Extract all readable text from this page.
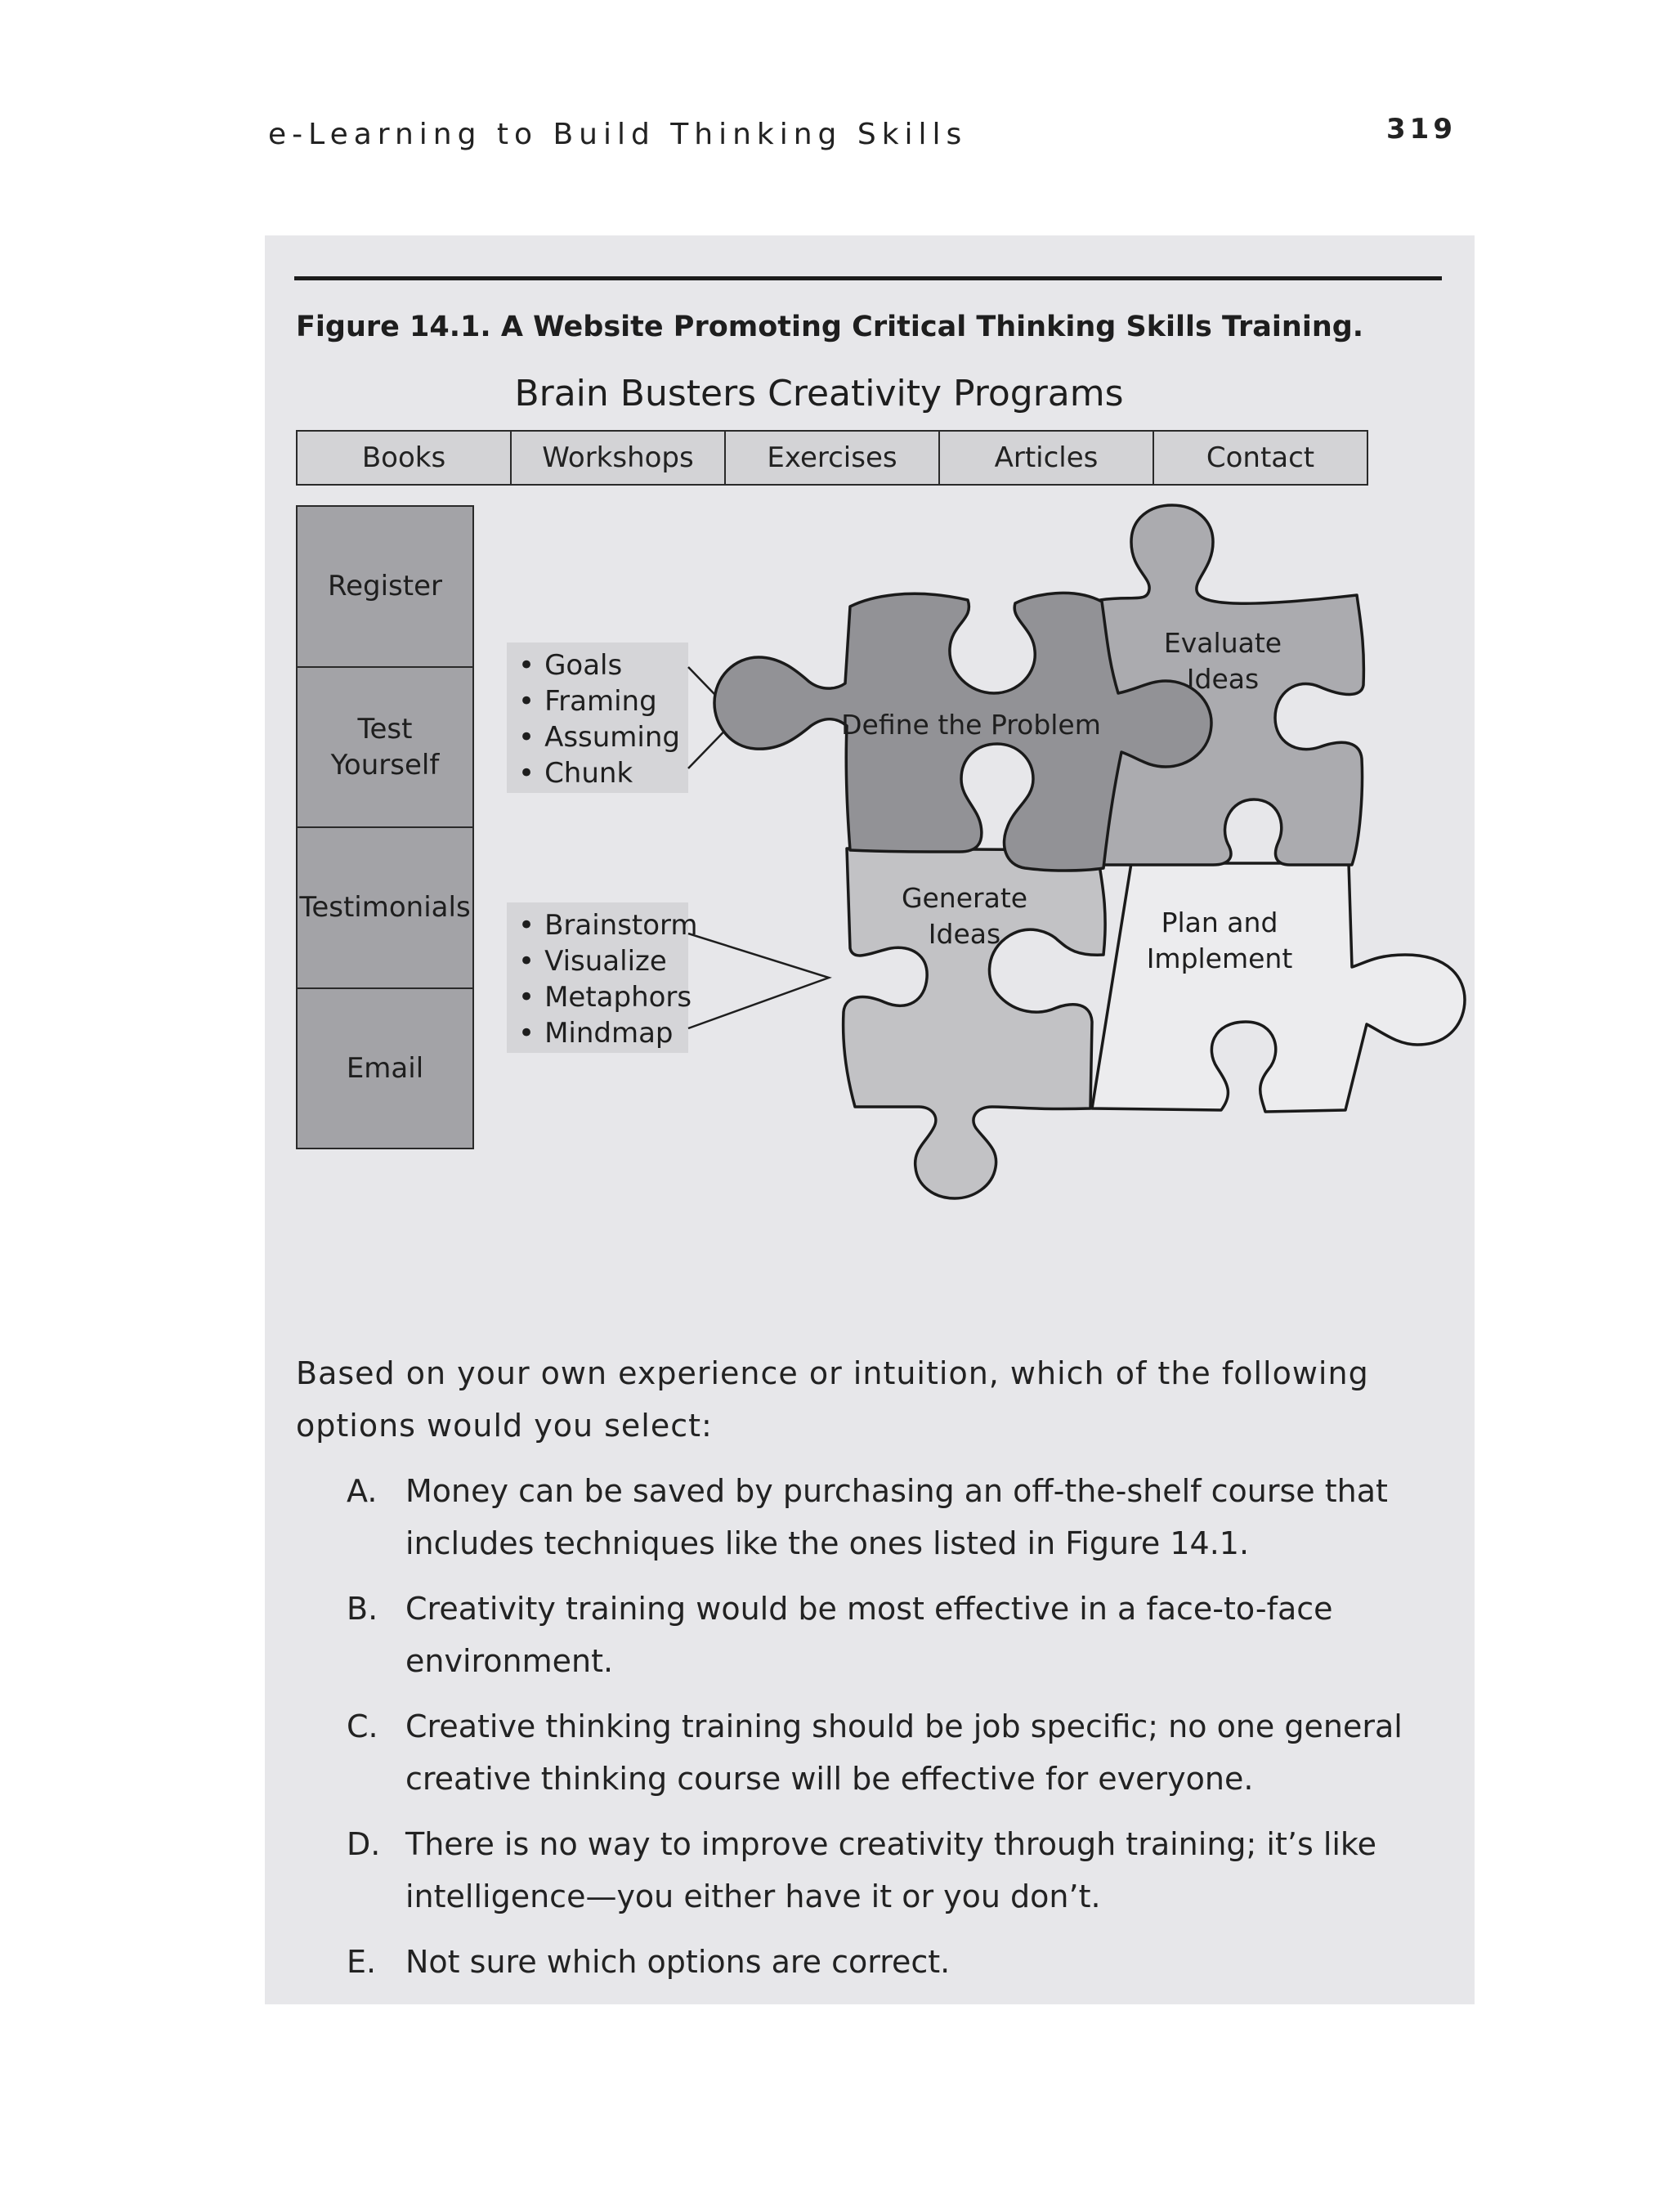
e-Learning to Build Thinking Skills	319
Figure 14.1. A Website Promoting Critical Thinking Skills Training.
Brain Busters Creativity Programs
Books	Workshops	Exercises	Articles	Contact
Register
Test
Yourself
Testimonials
Email
• Goals
• Framing
• Assuming
• Chunk
• Brainstorm
• Visualize
• Metaphors
• Mindmap
Define the Problem
Evaluate
Ideas
Generate
Ideas	Plan and
Implement
Based on your own experience or intuition, which of the following options would you select:
A. Money can be saved by purchasing an off-the-shelf course that includes techniques like the ones listed in Figure 14.1.
B. Creativity training would be most effective in a face-to-face environment.
C. Creative thinking training should be job specific; no one general creative thinking course will be effective for everyone.
D. There is no way to improve creativity through training; it’s like intelligence—you either have it or you don’t.
E. Not sure which options are correct.
